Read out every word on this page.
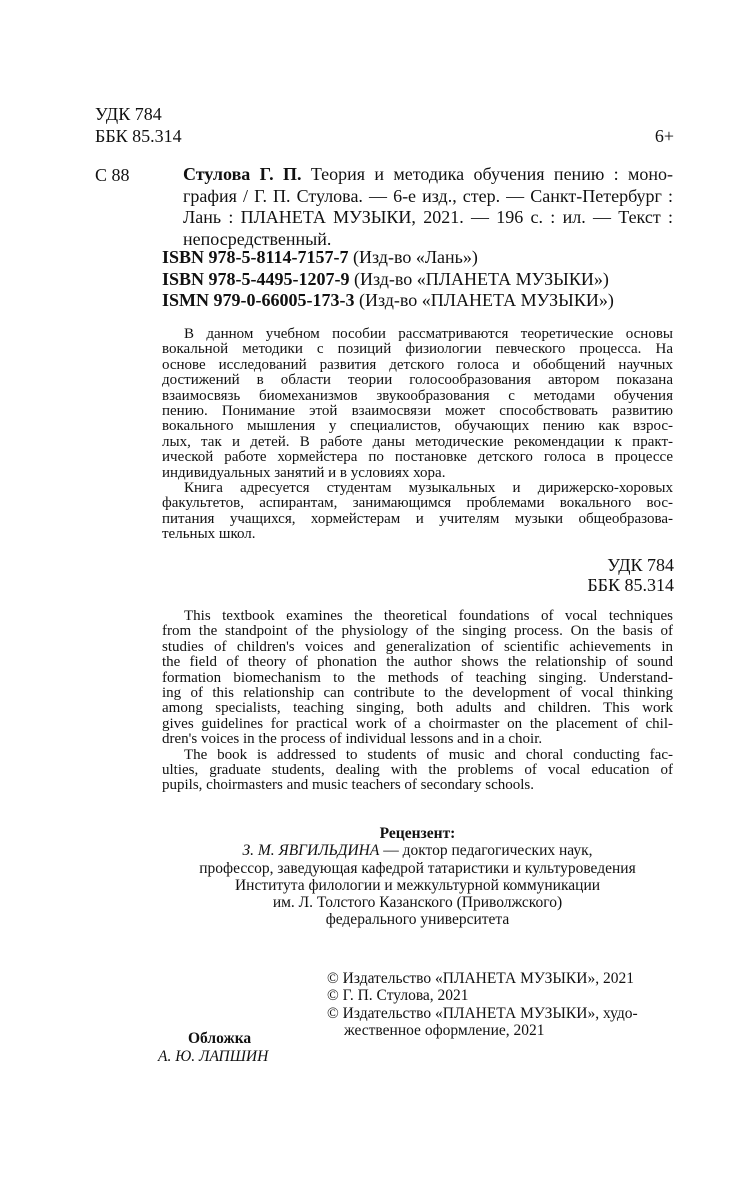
УДК 784
ББК 85.314	6+
С 88	Стулова Г. П. Теория и методика обучения пению : моно-

графия / Г. П. Стулова. — 6-е изд., стер. — Санкт-Петербург :

Лань : ПЛАНЕТА МУЗЫКИ, 2021. — 196 с. : ил. — Текст :

непосредственный.

ISBN 978-5-8114-7157-7 (Изд-во «Лань»)
ISBN 978-5-4495-1207-9 (Изд-во «ПЛАНЕТА МУЗЫКИ»)
ISMN 979-0-66005-173-3 (Изд-во «ПЛАНЕТА МУЗЫКИ»)

В данном учебном пособии рассматриваются теоретические основы

вокальной методики с позиций физиологии певческого процесса. На

основе исследований развития детского голоса и обобщений научных

достижений в области теории голосообразования автором показана

взаимосвязь биомеханизмов звукообразования с методами обучения

пению. Понимание этой взаимосвязи может способствовать развитию

вокального мышления у специалистов, обучающих пению как взрос-

лых, так и детей. В работе даны методические рекомендации к практ-

ической работе хормейстера по постановке детского голоса в процессе

индивидуальных занятий и в условиях хора.

Книга адресуется студентам музыкальных и дирижерско-хоровых

факультетов, аспирантам, занимающимся проблемами вокального вос-

питания учащихся, хормейстерам и учителям музыки общеобразова-

тельных школ.

УДК 784
ББК 85.314

This textbook examines the theoretical foundations of vocal techniques

from the standpoint of the physiology of the singing process. On the basis of

studies of children's voices and generalization of scientific achievements in

the field of theory of phonation the author shows the relationship of sound

formation biomechanism to the methods of teaching singing. Understand-

ing of this relationship can contribute to the development of vocal thinking

among specialists, teaching singing, both adults and children. This work

gives guidelines for practical work of a choirmaster on the placement of chil-

dren's voices in the process of individual lessons and in a choir.

The book is addressed to students of music and choral conducting fac-

ulties, graduate students, dealing with the problems of vocal education of

pupils, choirmasters and music teachers of secondary schools.

Рецензент:

З. М. ЯВГИЛЬДИНА — доктор педагогических наук,

профессор, заведующая кафедрой татаристики и культуроведения

Института филологии и межкультурной коммуникации

им. Л. Толстого Казанского (Приволжского)

федерального университета

© Издательство «ПЛАНЕТА МУЗЫКИ», 2021

© Г. П. Стулова, 2021

© Издательство «ПЛАНЕТА МУЗЫКИ», худо-

жественное оформление, 2021

Обложка

А. Ю. ЛАПШИН
